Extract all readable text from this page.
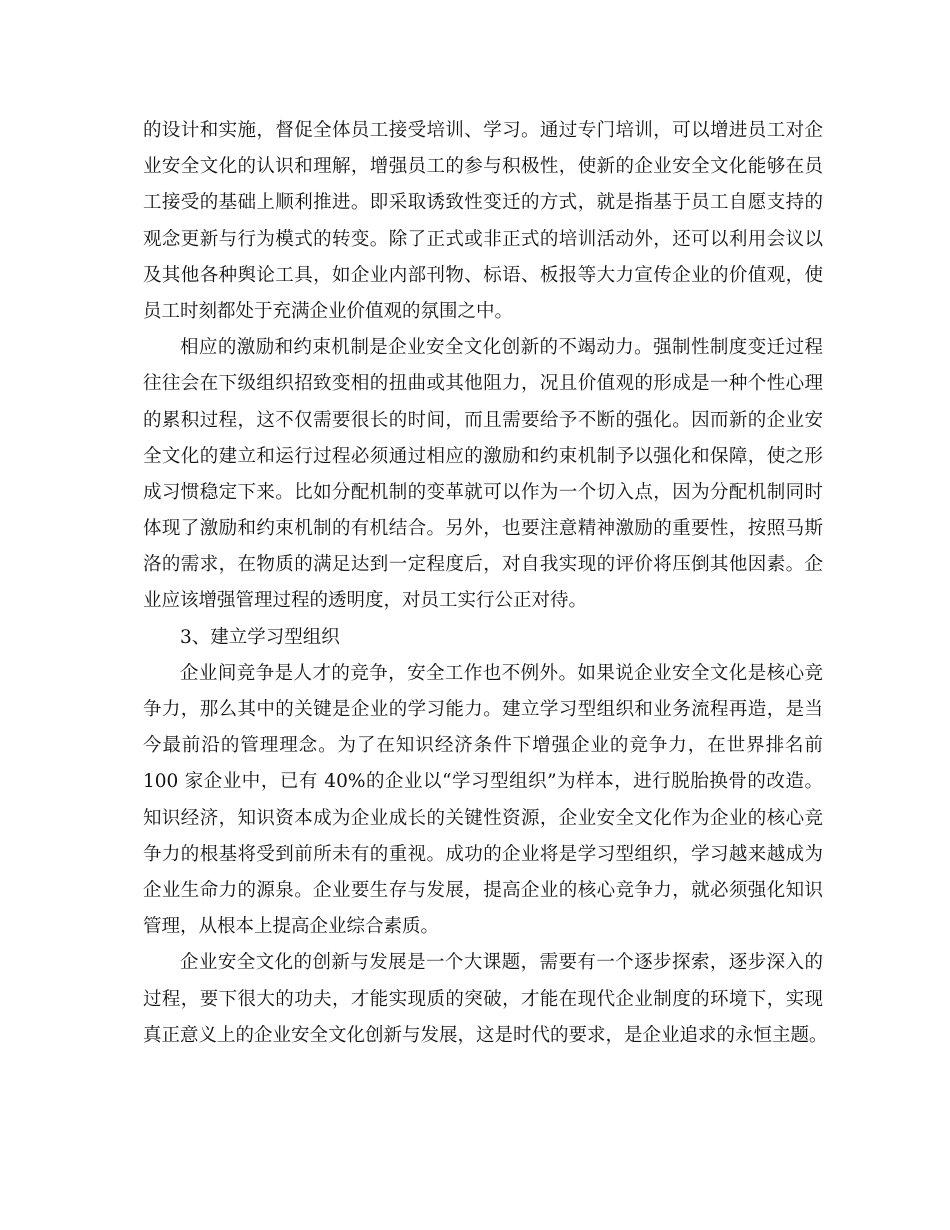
的设计和实施，督促全体员工接受培训、学习。通过专门培训，可以增进员工对企
业安全文化的认识和理解，增强员工的参与积极性，使新的企业安全文化能够在员
工接受的基础上顺利推进。即采取诱致性变迁的方式，就是指基于员工自愿支持的
观念更新与行为模式的转变。除了正式或非正式的培训活动外，还可以利用会议以
及其他各种舆论工具，如企业内部刊物、标语、板报等大力宣传企业的价值观，使
员工时刻都处于充满企业价值观的氛围之中。
相应的激励和约束机制是企业安全文化创新的不竭动力。强制性制度变迁过程
往往会在下级组织招致变相的扭曲或其他阻力，况且价值观的形成是一种个性心理
的累积过程，这不仅需要很长的时间，而且需要给予不断的强化。因而新的企业安
全文化的建立和运行过程必须通过相应的激励和约束机制予以强化和保障，使之形
成习惯稳定下来。比如分配机制的变革就可以作为一个切入点，因为分配机制同时
体现了激励和约束机制的有机结合。另外，也要注意精神激励的重要性，按照马斯
洛的需求，在物质的满足达到一定程度后，对自我实现的评价将压倒其他因素。企
业应该增强管理过程的透明度，对员工实行公正对待。
3、建立学习型组织
企业间竞争是人才的竞争，安全工作也不例外。如果说企业安全文化是核心竞
争力，那么其中的关键是企业的学习能力。建立学习型组织和业务流程再造，是当
今最前沿的管理理念。为了在知识经济条件下增强企业的竞争力，在世界排名前
100 家企业中，已有 40%的企业以“学习型组织”为样本，进行脱胎换骨的改造。
知识经济，知识资本成为企业成长的关键性资源，企业安全文化作为企业的核心竞
争力的根基将受到前所未有的重视。成功的企业将是学习型组织，学习越来越成为
企业生命力的源泉。企业要生存与发展，提高企业的核心竞争力，就必须强化知识
管理，从根本上提高企业综合素质。
企业安全文化的创新与发展是一个大课题，需要有一个逐步探索，逐步深入的
过程，要下很大的功夫，才能实现质的突破，才能在现代企业制度的环境下，实现
真正意义上的企业安全文化创新与发展，这是时代的要求，是企业追求的永恒主题。
